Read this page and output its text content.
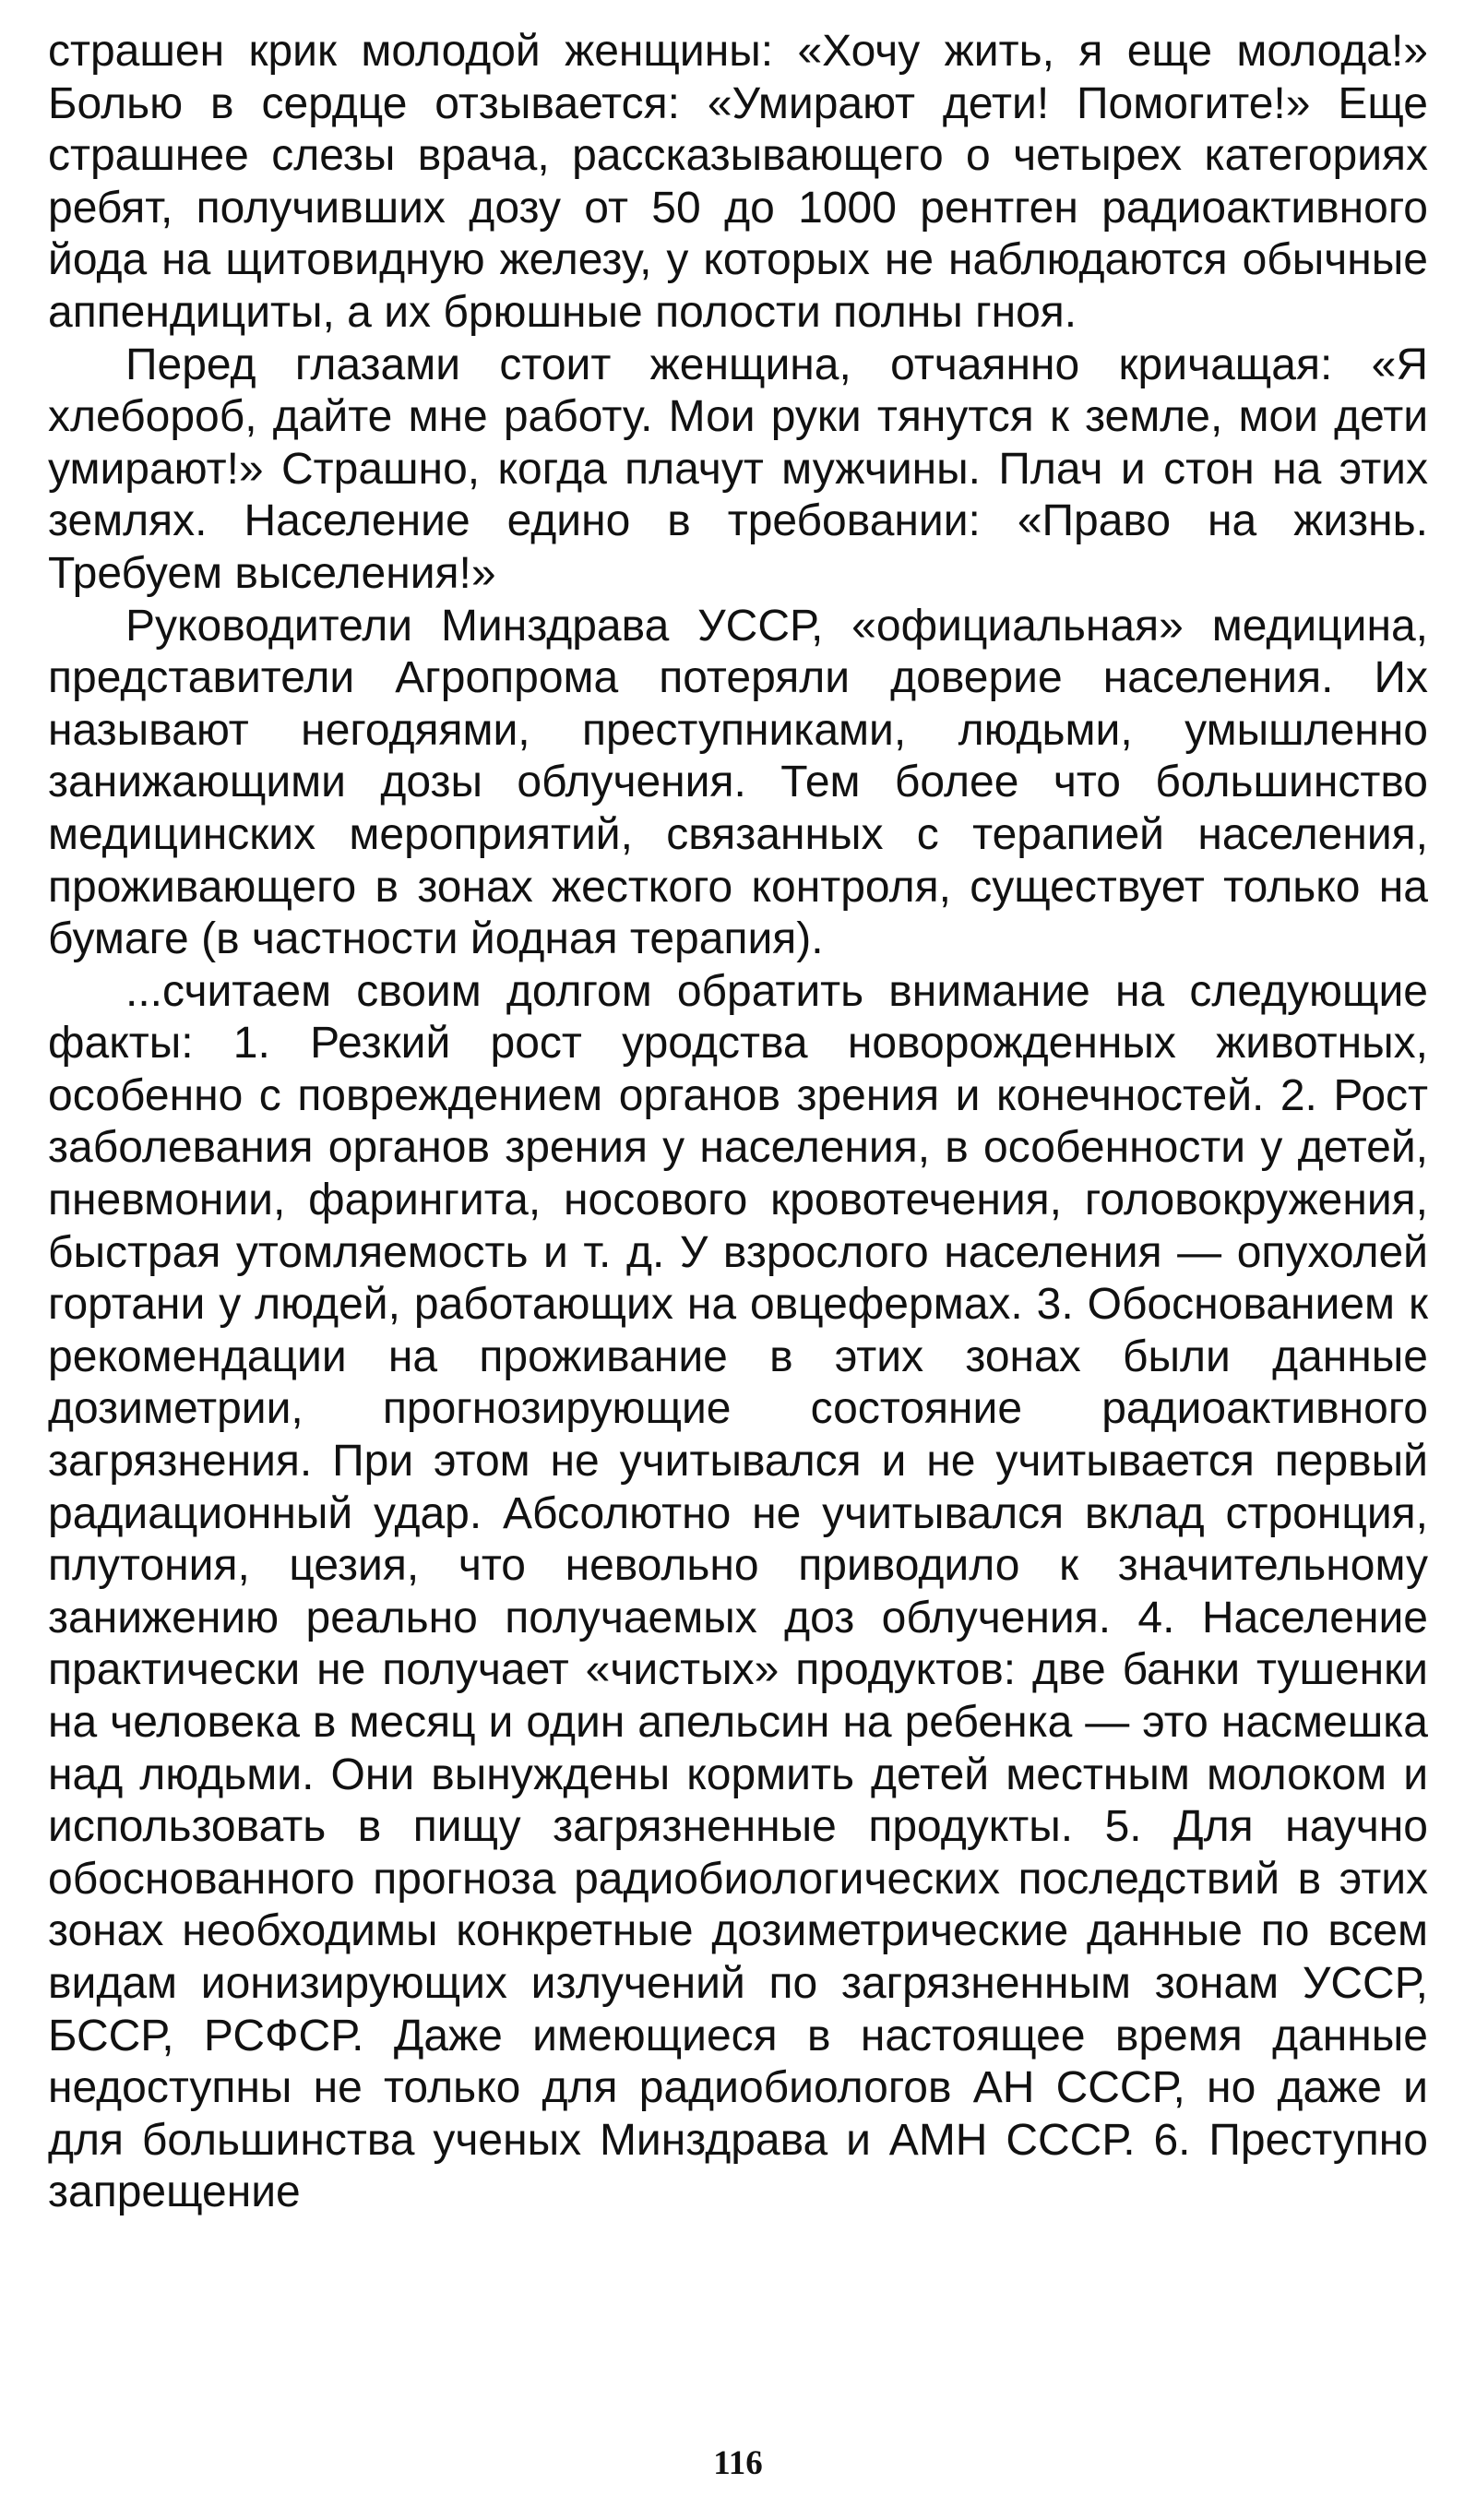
страшен крик молодой женщины: «Хочу жить, я еще молода!» Болью в сердце отзывается: «Умирают дети! Помогите!» Еще страшнее слезы врача, рассказывающего о четырех категориях ребят, получивших дозу от 50 до 1000 рентген радиоактивного йода на щитовидную железу, у которых не наблюдаются обычные аппендициты, а их брюшные полости полны гноя.

Перед глазами стоит женщина, отчаянно кричащая: «Я хлебороб, дайте мне работу. Мои руки тянутся к земле, мои дети умирают!» Страшно, когда плачут мужчины. Плач и стон на этих землях. Население едино в требовании: «Право на жизнь. Требуем выселения!»

Руководители Минздрава УССР, «официальная» медицина, представители Агропрома потеряли доверие населения. Их называют негодяями, преступниками, людьми, умышленно занижающими дозы облучения. Тем более что большинство медицинских мероприятий, связанных с терапией населения, проживающего в зонах жесткого контроля, существует только на бумаге (в частности йодная терапия).

...считаем своим долгом обратить внимание на следующие факты: 1. Резкий рост уродства новорожденных животных, особенно с повреждением органов зрения и конечностей. 2. Рост заболевания органов зрения у населения, в особенности у детей, пневмонии, фарингита, носового кровотечения, головокружения, быстрая утомляемость и т. д. У взрослого населения — опухолей гортани у людей, работающих на овцефермах. 3. Обоснованием к рекомендации на проживание в этих зонах были данные дозиметрии, прогнозирующие состояние радиоактивного загрязнения. При этом не учитывался и не учитывается первый радиационный удар. Абсолютно не учитывался вклад стронция, плутония, цезия, что невольно приводило к значительному занижению реально получаемых доз облучения. 4. Население практически не получает «чистых» продуктов: две банки тушенки на человека в месяц и один апельсин на ребенка — это насмешка над людьми. Они вынуждены кормить детей местным молоком и использовать в пищу загрязненные продукты. 5. Для научно обоснованного прогноза радиобиологических последствий в этих зонах необходимы конкретные дозиметрические данные по всем видам ионизирующих излучений по загрязненным зонам УССР, БССР, РСФСР. Даже имеющиеся в настоящее время данные недоступны не только для радиобиологов АН СССР, но даже и для большинства ученых Минздрава и АМН СССР. 6. Преступно запрещение

116
